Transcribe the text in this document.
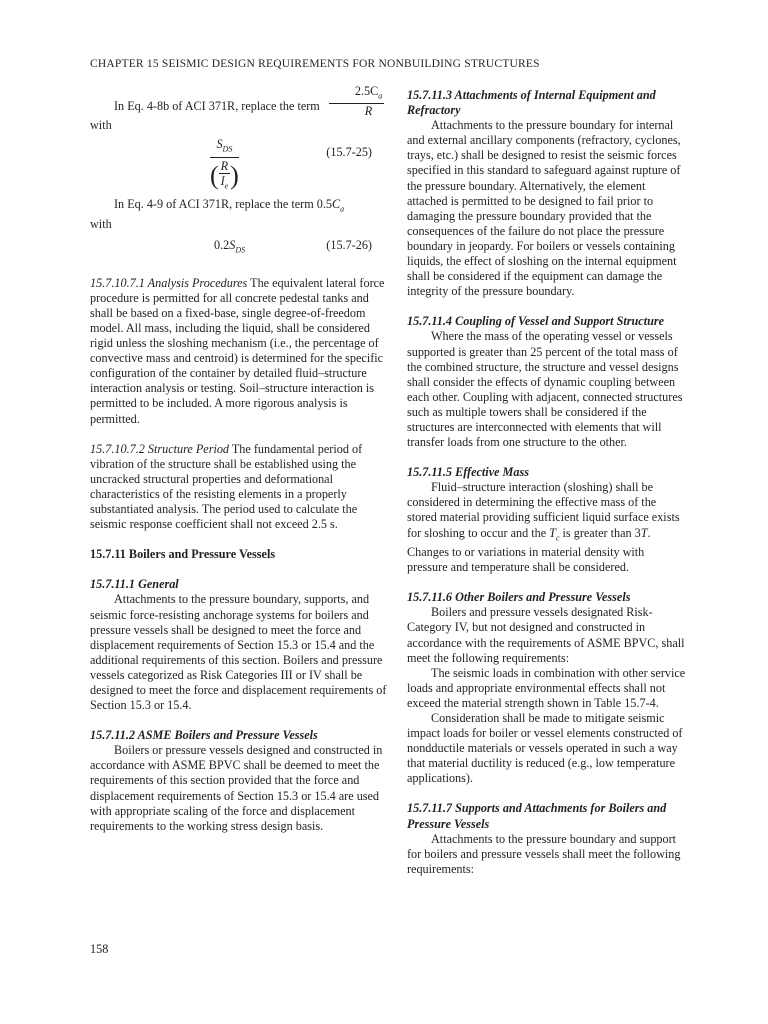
CHAPTER 15 SEISMIC DESIGN REQUIREMENTS FOR NONBUILDING STRUCTURES
In Eq. 4-8b of ACI 371R, replace the term $\frac{2.5C_a}{R}$

with

$S_{DS}$
( $\frac{R}{I_e}$ )
(15.7-25)
In Eq. 4-9 of ACI 371R, replace the term $0.5C_a$

with

$0.2S_{DS}$	(15.7-26)

15.7.10.7.1 Analysis Procedures The equivalent lateral force procedure is permitted for all concrete pedestal tanks and shall be based on a fixed-base, single degree-of-freedom model. All mass, including the liquid, shall be considered rigid unless the sloshing mechanism (i.e., the percentage of convective mass and centroid) is determined for the specific configuration of the container by detailed fluid–structure interaction analysis or testing. Soil–structure interaction is permitted to be included. A more rigorous analysis is permitted.

15.7.10.7.2 Structure Period The fundamental period of vibration of the structure shall be established using the uncracked structural properties and deformational characteristics of the resisting elements in a properly substantiated analysis. The period used to calculate the seismic response coefficient shall not exceed 2.5 s.

15.7.11 Boilers and Pressure Vessels

15.7.11.1 General

Attachments to the pressure boundary, supports, and seismic force-resisting anchorage systems for boilers and pressure vessels shall be designed to meet the force and displacement requirements of Section 15.3 or 15.4 and the additional requirements of this section. Boilers and pressure vessels categorized as Risk Categories III or IV shall be designed to meet the force and displacement requirements of Section 15.3 or 15.4.

15.7.11.2 ASME Boilers and Pressure Vessels

Boilers or pressure vessels designed and constructed in accordance with ASME BPVC shall be deemed to meet the requirements of this section provided that the force and displacement requirements of Section 15.3 or 15.4 are used with appropriate scaling of the force and displacement requirements to the working stress design basis.

15.7.11.3 Attachments of Internal Equipment and Refractory

Attachments to the pressure boundary for internal and external ancillary components (refractory, cyclones, trays, etc.) shall be designed to resist the seismic forces specified in this standard to safeguard against rupture of the pressure boundary. Alternatively, the element attached is permitted to be designed to fail prior to damaging the pressure boundary provided that the consequences of the failure do not place the pressure boundary in jeopardy. For boilers or vessels containing liquids, the effect of sloshing on the internal equipment shall be considered if the equipment can damage the integrity of the pressure boundary.

15.7.11.4 Coupling of Vessel and Support Structure

Where the mass of the operating vessel or vessels supported is greater than 25 percent of the total mass of the combined structure, the structure and vessel designs shall consider the effects of dynamic coupling between each other. Coupling with adjacent, connected structures such as multiple towers shall be considered if the structures are interconnected with elements that will transfer loads from one structure to the other.

15.7.11.5 Effective Mass

Fluid–structure interaction (sloshing) shall be considered in determining the effective mass of the stored material providing sufficient liquid surface exists for sloshing to occur and the $T_c$ is greater than 3T. Changes to or variations in material density with pressure and temperature shall be considered.

15.7.11.6 Other Boilers and Pressure Vessels

Boilers and pressure vessels designated Risk-Category IV, but not designed and constructed in accordance with the requirements of ASME BPVC, shall meet the following requirements:

The seismic loads in combination with other service loads and appropriate environmental effects shall not exceed the material strength shown in Table 15.7-4.

Consideration shall be made to mitigate seismic impact loads for boiler or vessel elements constructed of nondductile materials or vessels operated in such a way that material ductility is reduced (e.g., low temperature applications).

15.7.11.7 Supports and Attachments for Boilers and Pressure Vessels

Attachments to the pressure boundary and support for boilers and pressure vessels shall meet the following requirements:

158
